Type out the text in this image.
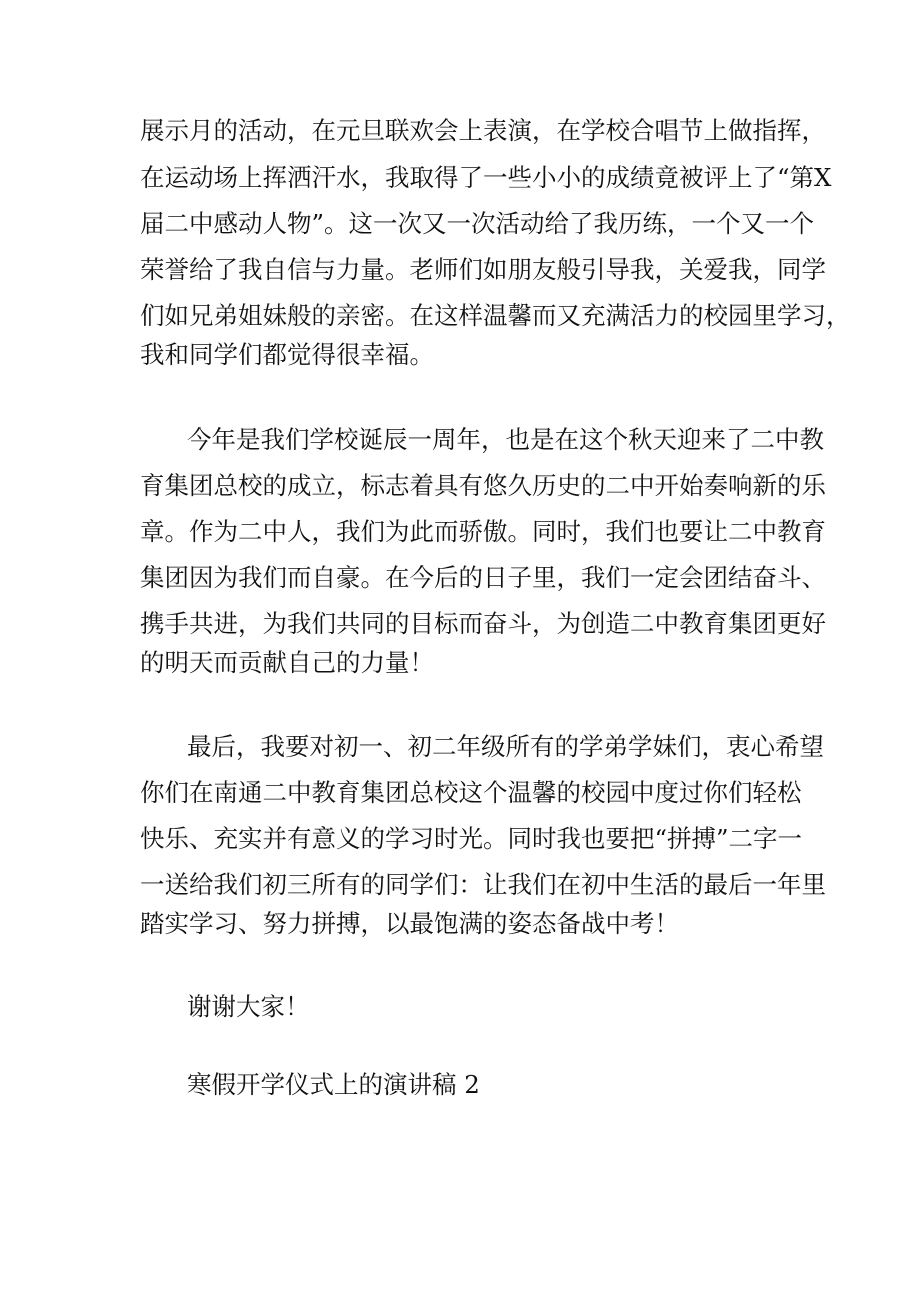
展示月的活动，在元旦联欢会上表演，在学校合唱节上做指挥，
在运动场上挥洒汗水，我取得了一些小小的成绩竟被评上了“第X
届二中感动人物”。这一次又一次活动给了我历练，一个又一个
荣誉给了我自信与力量。老师们如朋友般引导我，关爱我，同学
们如兄弟姐妹般的亲密。在这样温馨而又充满活力的校园里学习，
我和同学们都觉得很幸福。
今年是我们学校诞辰一周年，也是在这个秋天迎来了二中教
育集团总校的成立，标志着具有悠久历史的二中开始奏响新的乐
章。作为二中人，我们为此而骄傲。同时，我们也要让二中教育
集团因为我们而自豪。在今后的日子里，我们一定会团结奋斗、
携手共进，为我们共同的目标而奋斗，为创造二中教育集团更好
的明天而贡献自己的力量！
最后，我要对初一、初二年级所有的学弟学妹们，衷心希望
你们在南通二中教育集团总校这个温馨的校园中度过你们轻松
快乐、充实并有意义的学习时光。同时我也要把“拼搏”二字一
一送给我们初三所有的同学们：让我们在初中生活的最后一年里
踏实学习、努力拼搏，以最饱满的姿态备战中考！
谢谢大家！
寒假开学仪式上的演讲稿 2
